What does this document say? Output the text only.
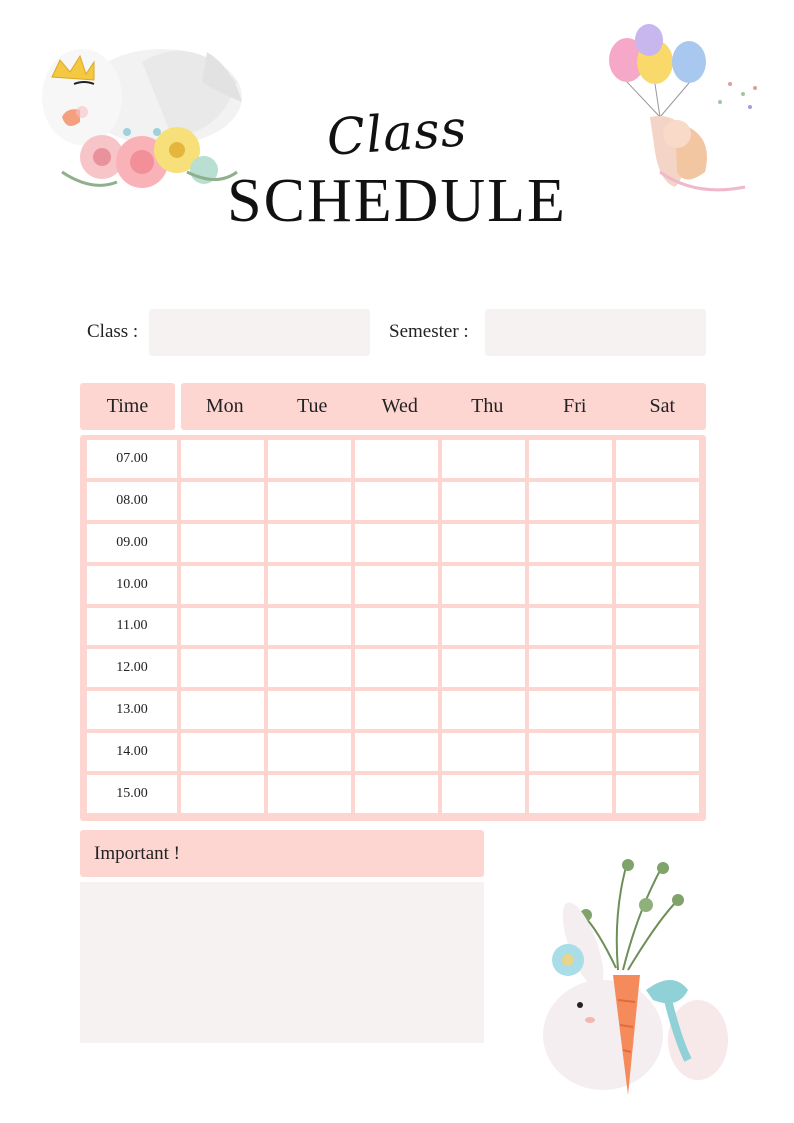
Class
SCHEDULE
Class :	Semester :
Time	Mon	Tue	Wed	Thu	Fri	Sat
07.00
08.00
09.00
10.00
11.00
12.00
13.00
14.00
15.00
Important !
